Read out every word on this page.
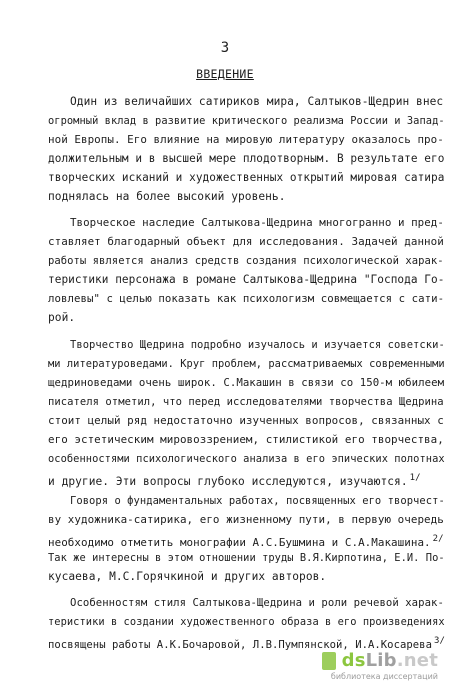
3
ВВЕДЕНИЕ
Один из величайших сатириков мира, Салтыков-Щедрин внес
огромный вклад в развитие критического реализма России и Запад-
ной Европы. Его влияние на мировую литературу оказалось про-
должительным и в высшей мере плодотворным. В результате его
творческих исканий и художественных открытий мировая сатира
поднялась на более высокий уровень.
Творческое наследие Салтыкова-Щедрина многогранно и пред-
ставляет благодарный объект для исследования. Задачей данной
работы является анализ средств создания психологической харак-
теристики персонажа в романе Салтыкова-Щедрина "Господа Го-
ловлевы" с целью показать как психологизм совмещается с сати-
рой.
Творчество Щедрина подробно изучалось и изучается советски-
ми литературоведами. Круг проблем, рассматриваемых современными
щедриноведами очень широк. С.Макашин в связи со 150-м юбилеем
писателя отметил, что перед исследователями творчества Щедрина
стоит целый ряд недостаточно изученных вопросов, связанных с
его эстетическим мировоззрением, стилистикой его творчества,
особенностями психологического анализа в его эпических полотнах
и другие. Эти вопросы глубоко исследуются, изучаются. $^{1/}$
Говоря о фундаментальных работах, посвященных его творчест-
ву художника-сатирика, его жизненному пути, в первую очередь
необходимо отметить монографии А.С.Бушмина и С.А.Макашина. $^{2/}$
Так же интересны в этом отношении труды В.Я.Кирпотина, Е.И. По-
кусаева, М.С.Горячкиной и других авторов.
Особенностям стиля Салтыкова-Щедрина и роли речевой харак-
теристики в создании художественного образа в его произведениях
посвящены работы А.К.Бочаровой, Л.В.Пумпянской, И.А.Косарева 3/
dsLib.net
библиотека диссертаций
